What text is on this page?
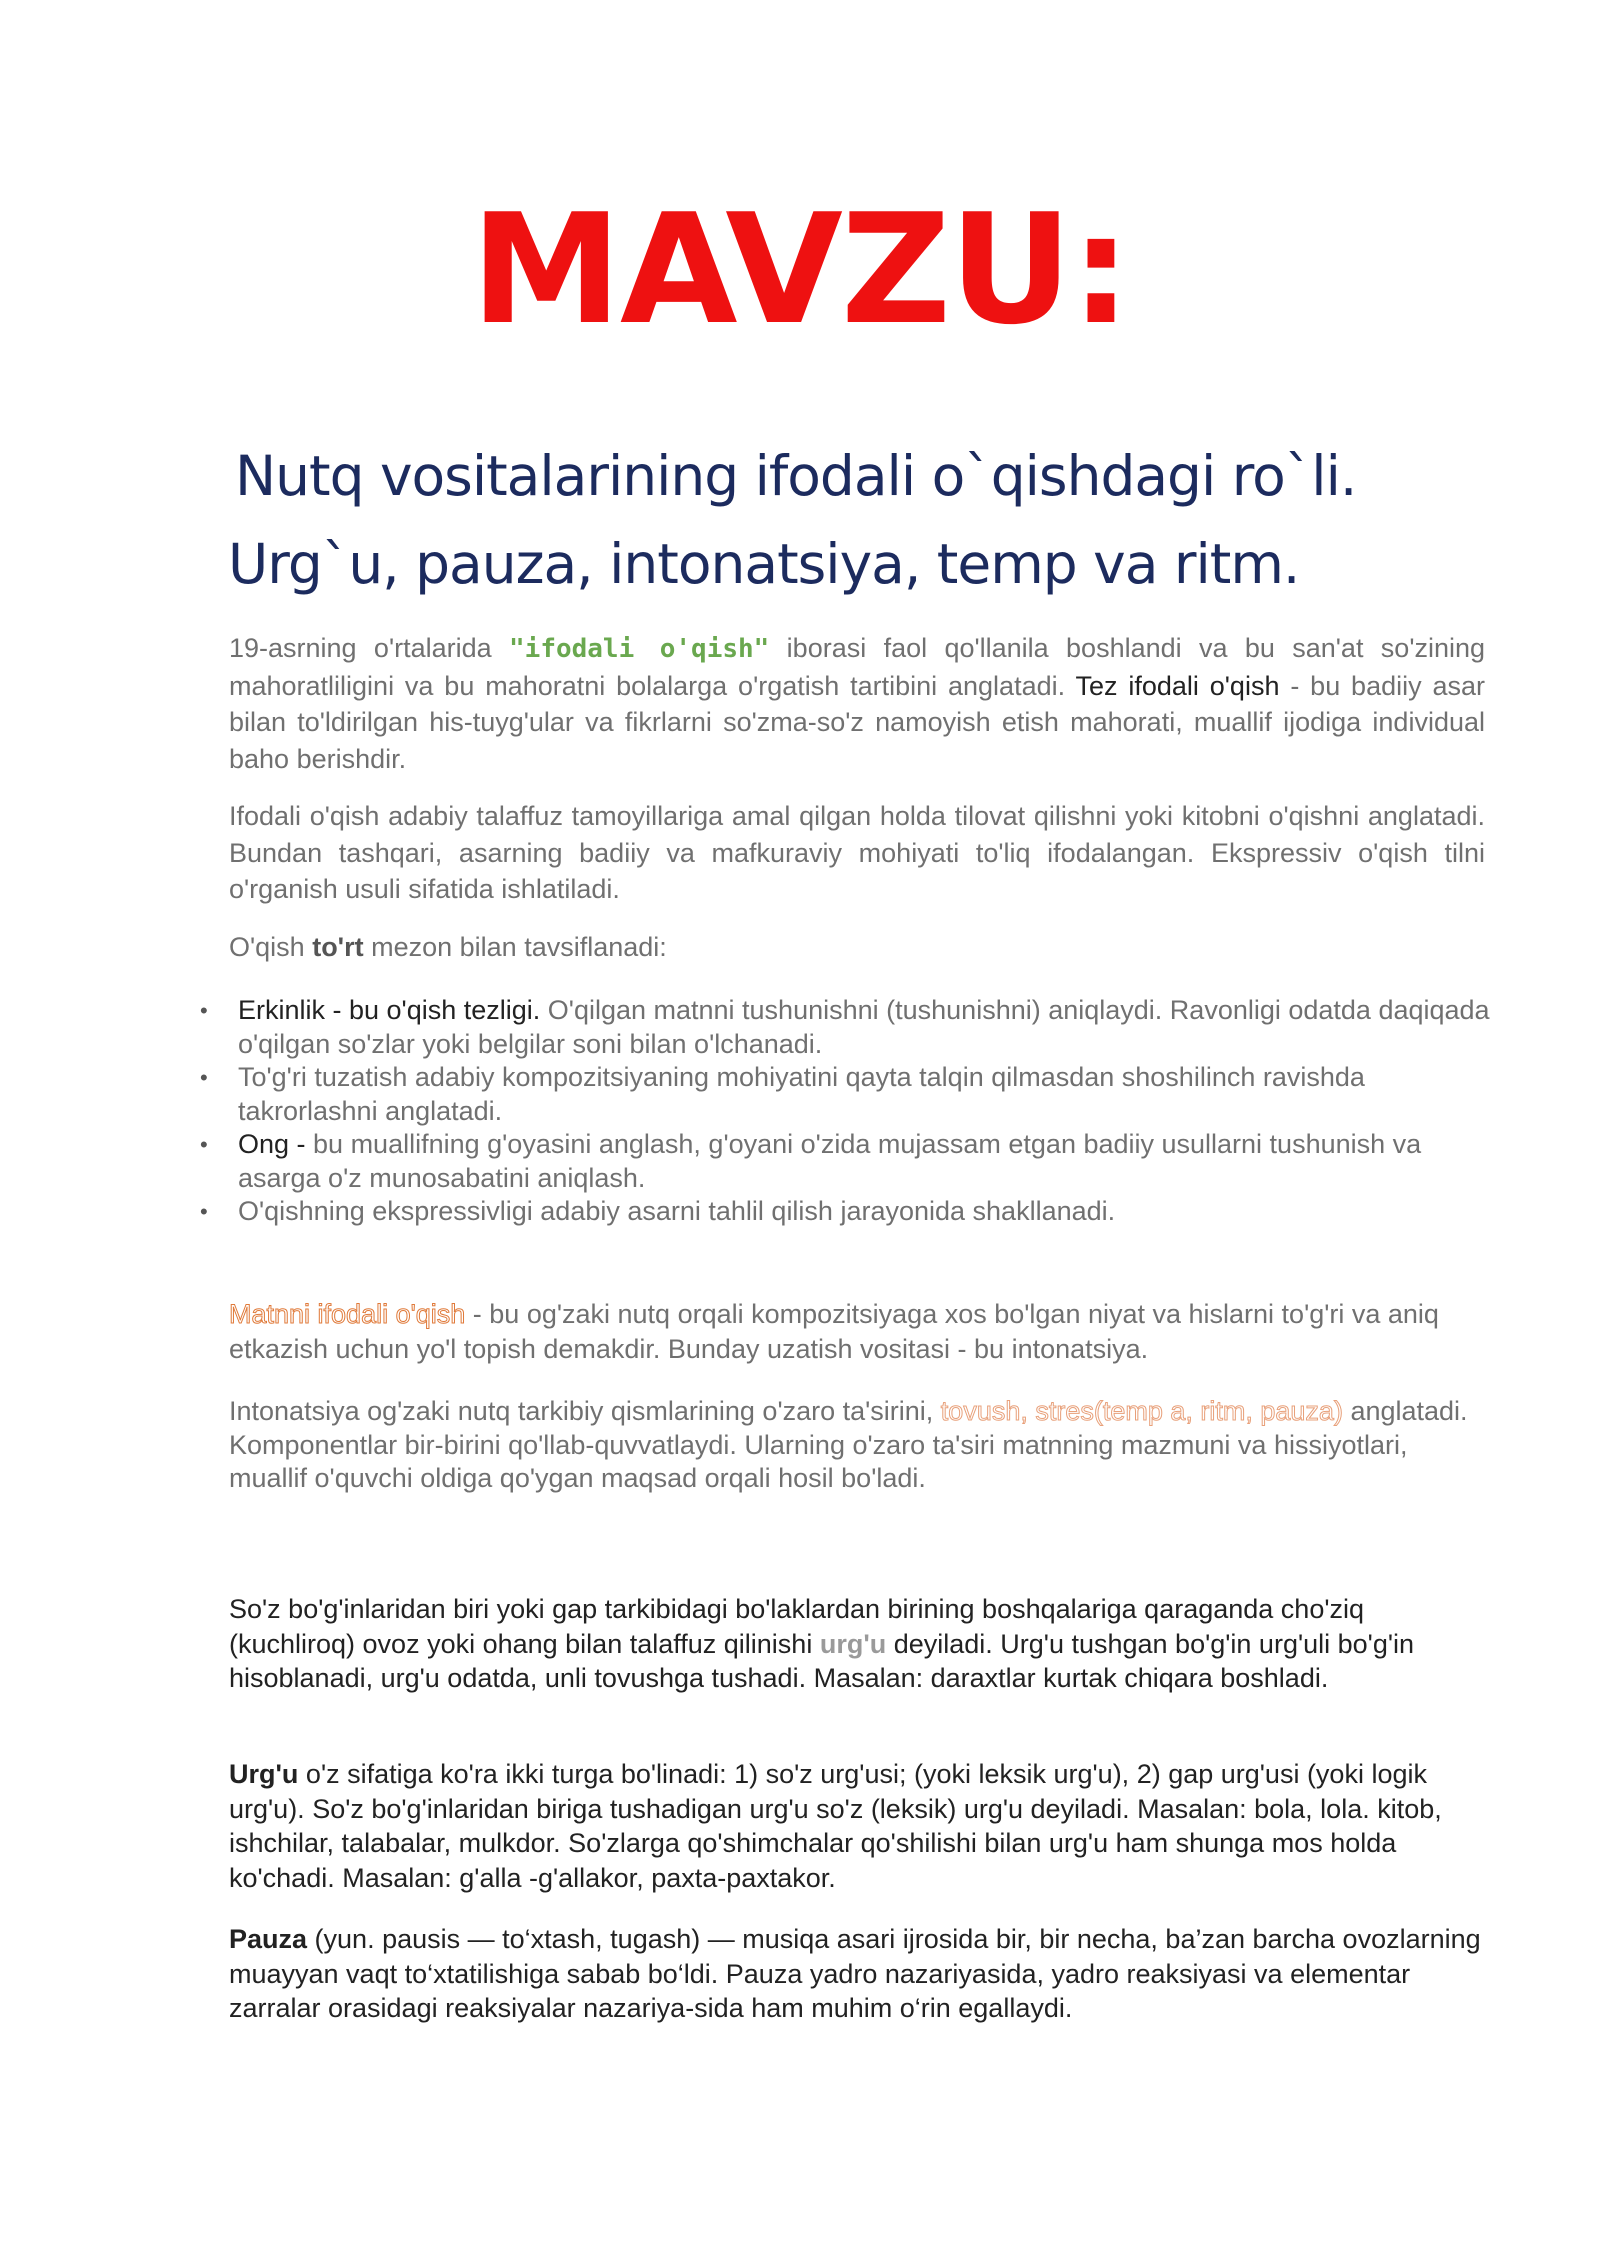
MAVZU:
Nutq vositalarining ifodali o`qishdagi ro`li.
Urg`u, pauza, intonatsiya, temp va ritm.
19-asrning o'rtalarida "ifodali o'qish" iborasi faol qo'llanila boshlandi va bu san'at so'zining mahoratliligini va bu mahoratni bolalarga o'rgatish tartibini anglatadi. Tez ifodali o'qish - bu badiiy asar bilan to'ldirilgan his-tuyg'ular va fikrlarni so'zma-so'z namoyish etish mahorati, muallif ijodiga individual baho berishdir.
Ifodali o'qish adabiy talaffuz tamoyillariga amal qilgan holda tilovat qilishni yoki kitobni o'qishni anglatadi. Bundan tashqari, asarning badiiy va mafkuraviy mohiyati to'liq ifodalangan. Ekspressiv o'qish tilni o'rganish usuli sifatida ishlatiladi.
O'qish to'rt mezon bilan tavsiflanadi:
• Erkinlik - bu o'qish tezligi. O'qilgan matnni tushunishni (tushunishni) aniqlaydi. Ravonligi odatda daqiqada o'qilgan so'zlar yoki belgilar soni bilan o'lchanadi.
• To'g'ri tuzatish adabiy kompozitsiyaning mohiyatini qayta talqin qilmasdan shoshilinch ravishda takrorlashni anglatadi.
• Ong - bu muallifning g'oyasini anglash, g'oyani o'zida mujassam etgan badiiy usullarni tushunish va asarga o'z munosabatini aniqlash.
• O'qishning ekspressivligi adabiy asarni tahlil qilish jarayonida shakllanadi.
Matnni ifodali o'qish - bu og'zaki nutq orqali kompozitsiyaga xos bo'lgan niyat va hislarni to'g'ri va aniq etkazish uchun yo'l topish demakdir. Bunday uzatish vositasi - bu intonatsiya.
Intonatsiya og'zaki nutq tarkibiy qismlarining o'zaro ta'sirini, tovush, stres(temp a, ritm, pauza) anglatadi. Komponentlar bir-birini qo'llab-quvvatlaydi. Ularning o'zaro ta'siri matnning mazmuni va hissiyotlari, muallif o'quvchi oldiga qo'ygan maqsad orqali hosil bo'ladi.
So'z bo'g'inlaridan biri yoki gap tarkibidagi bo'laklardan birining boshqalariga qaraganda cho'ziq (kuchliroq) ovoz yoki ohang bilan talaffuz qilinishi urg'u deyiladi. Urg'u tushgan bo'g'in urg'uli bo'g'in hisoblanadi, urg'u odatda, unli tovushga tushadi. Masalan: daraxtlar kurtak chiqara boshladi.
Urg'u o'z sifatiga ko'ra ikki turga bo'linadi: 1) so'z urg'usi; (yoki leksik urg'u), 2) gap urg'usi (yoki logik urg'u). So'z bo'g'inlaridan biriga tushadigan urg'u so'z (leksik) urg'u deyiladi. Masalan: bola, lola. kitob, ishchilar, talabalar, mulkdor. So'zlarga qo'shimchalar qo'shilishi bilan urg'u ham shunga mos holda ko'chadi. Masalan: g'alla -g'allakor, paxta-paxtakor.
Pauza (yun. pausis — to‘xtash, tugash) — musiqa asari ijrosida bir, bir necha, ba’zan barcha ovozlarning muayyan vaqt to‘xtatilishiga sabab bo‘ldi. Pauza yadro nazariyasida, yadro reaksiyasi va elementar zarralar orasidagi reaksiyalar nazariya-sida ham muhim o‘rin egallaydi.
